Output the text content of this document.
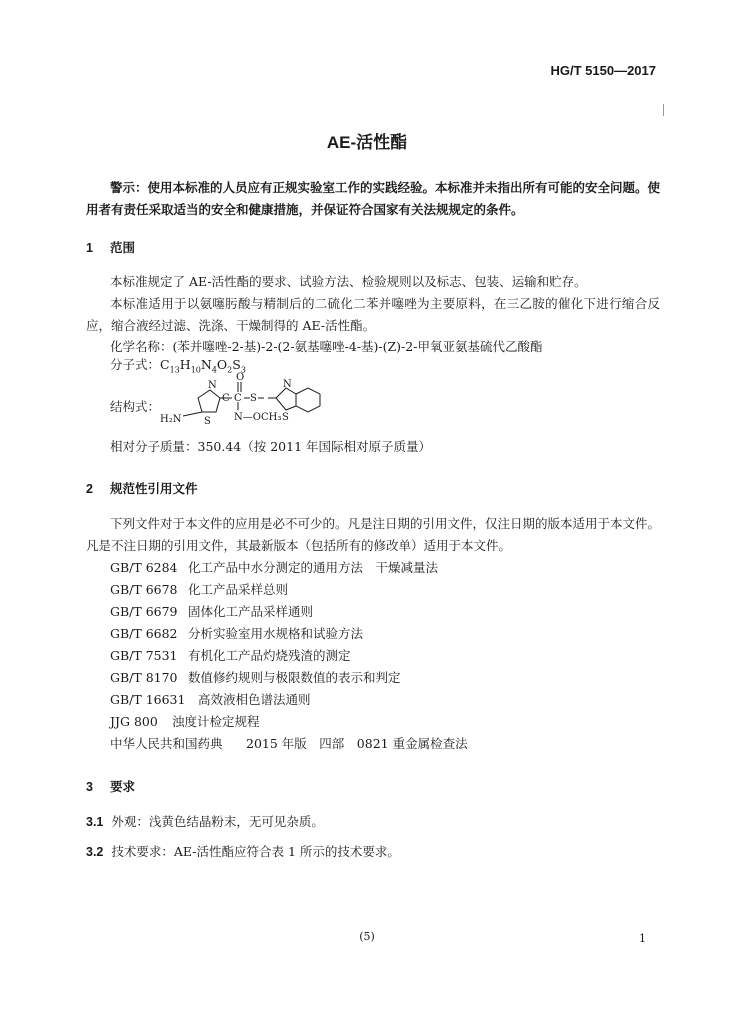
HG/T 5150—2017
AE-活性酯
警示：使用本标准的人员应有正规实验室工作的实践经验。本标准并未指出所有可能的安全问题。使用者有责任采取适当的安全和健康措施，并保证符合国家有关法规规定的条件。
1 范围
本标准规定了 AE-活性酯的要求、试验方法、检验规则以及标志、包装、运输和贮存。
本标准适用于以氨噻肟酸与精制后的二硫化二苯并噻唑为主要原料，在三乙胺的催化下进行缩合反应，缩合液经过滤、洗涤、干燥制得的 AE-活性酯。
化学名称：(苯并噻唑-2-基)-2-(2-氨基噻唑-4-基)-(Z)-2-甲氧亚氨基硫代乙酸酯
分子式：$C_{13}H_{10}N_4O_2S_3$
结构式：
O
C S
N
S
H₂N
N
S
C
N—OCH₃
相对分子质量：350.44（按 2011 年国际相对原子质量）
2 规范性引用文件
下列文件对于本文件的应用是必不可少的。凡是注日期的引用文件，仅注日期的版本适用于本文件。凡是不注日期的引用文件，其最新版本（包括所有的修改单）适用于本文件。
GB/T 6284 化工产品中水分测定的通用方法　干燥减量法
GB/T 6678 化工产品采样总则
GB/T 6679 固体化工产品采样通则
GB/T 6682 分析实验室用水规格和试验方法
GB/T 7531 有机化工产品灼烧残渣的测定
GB/T 8170 数值修约规则与极限数值的表示和判定
GB/T 16631 高效液相色谱法通则
JJG 800 浊度计检定规程
中华人民共和国药典 2015 年版　四部　0821 重金属检查法
3 要求
3.1 外观：浅黄色结晶粉末，无可见杂质。
3.2 技术要求：AE-活性酯应符合表 1 所示的技术要求。
(5)	1
